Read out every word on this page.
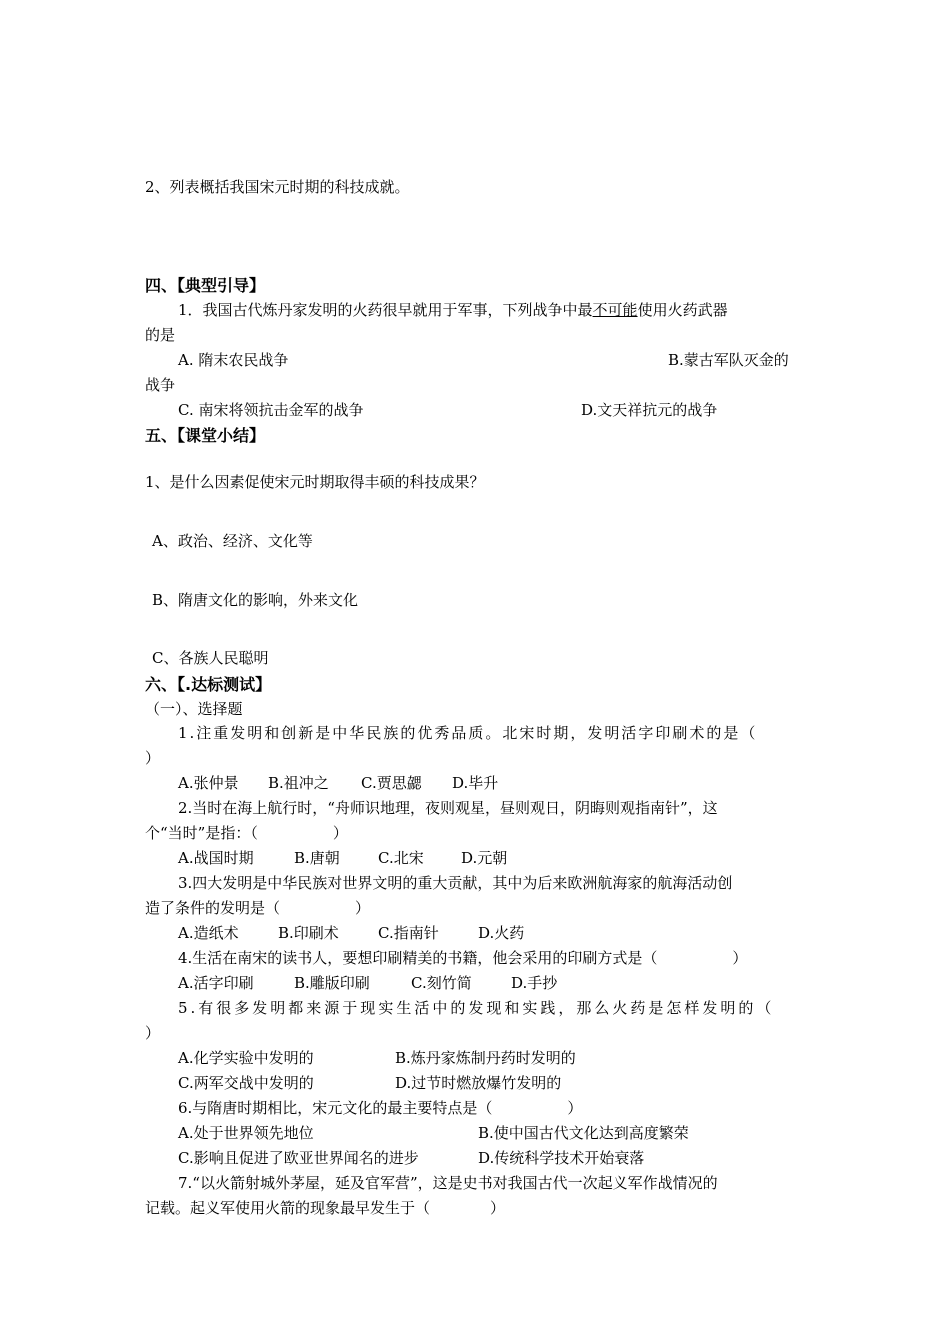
2、列表概括我国宋元时期的科技成就。
四、【典型引导】
1．我国古代炼丹家发明的火药很早就用于军事，下列战争中最不可能使用火药武器
的是
A. 隋末农民战争	B.蒙古军队灭金的
战争
C. 南宋将领抗击金军的战争	D.文天祥抗元的战争
五、【课堂小结】
1、是什么因素促使宋元时期取得丰硕的科技成果？
A、政治、经济、文化等
B、隋唐文化的影响，外来文化
C、各族人民聪明
六、【.达标测试】
（一）、选择题
1.注重发明和创新是中华民族的优秀品质。北宋时期，发明活字印刷术的是（
）
A.张仲景 B.祖冲之 C.贾思勰 D.毕升
2.当时在海上航行时，“舟师识地理，夜则观星，昼则观日，阴晦则观指南针”，这
个“当时”是指：（　　　　　）
A.战国时期	B.唐朝	C.北宋 D.元朝
3.四大发明是中华民族对世界文明的重大贡献，其中为后来欧洲航海家的航海活动创
造了条件的发明是（　　　　　）
A.造纸术	B.印刷术	C.指南针	D.火药
4.生活在南宋的读书人，要想印刷精美的书籍，他会采用的印刷方式是（　　　　　）
A.活字印刷	B.雕版印刷	C.刻竹简	D.手抄
5.有很多发明都来源于现实生活中的发现和实践，那么火药是怎样发明的（
）
A.化学实验中发明的	B.炼丹家炼制丹药时发明的
C.两军交战中发明的	D.过节时燃放爆竹发明的
6.与隋唐时期相比，宋元文化的最主要特点是（　　　　　）
A.处于世界领先地位	B.使中国古代文化达到高度繁荣
C.影响且促进了欧亚世界闻名的进步	D.传统科学技术开始衰落
7.“以火箭射城外茅屋，延及官军营”，这是史书对我国古代一次起义军作战情况的
记载。起义军使用火箭的现象最早发生于（　　　　）
